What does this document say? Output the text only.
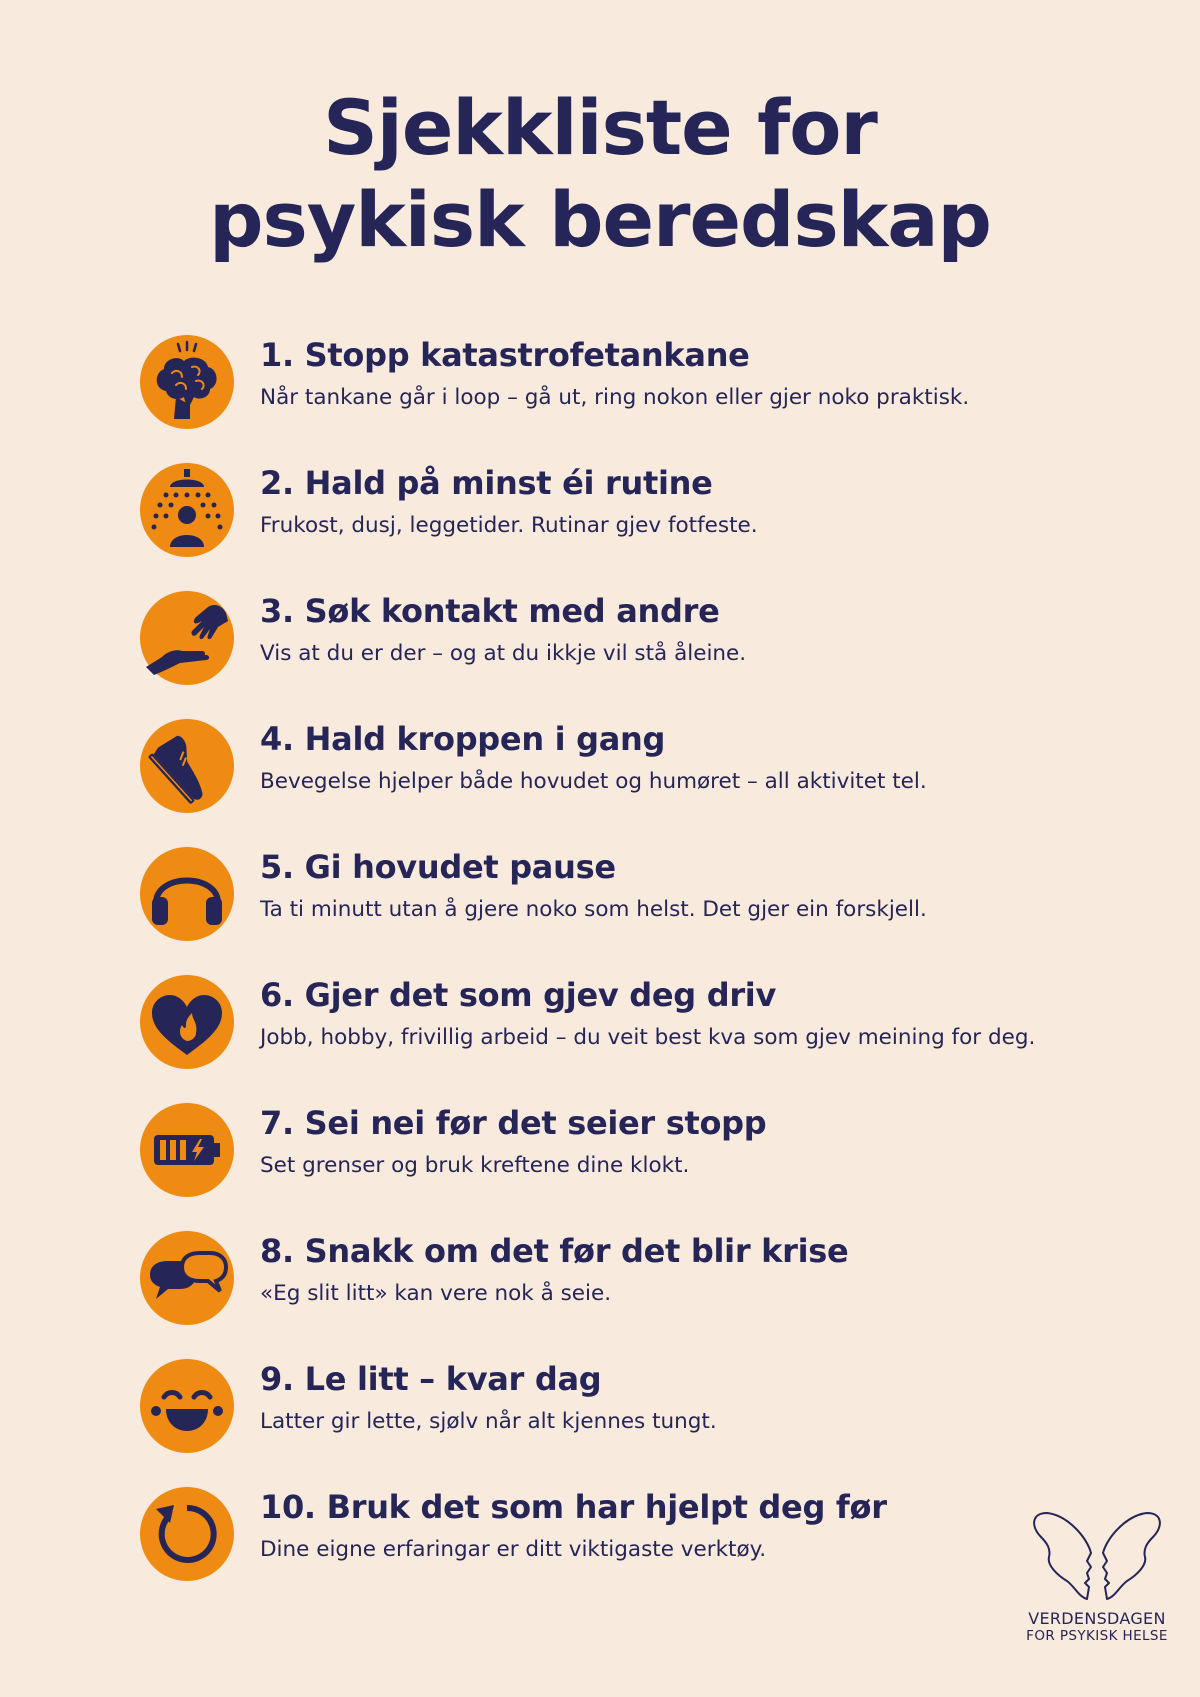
Sjekkliste for
psykisk beredskap
1. Stopp katastrofetankane
Når tankane går i loop – gå ut, ring nokon eller gjer noko praktisk.
2. Hald på minst éi rutine
Frukost, dusj, leggetider. Rutinar gjev fotfeste.
3. Søk kontakt med andre
Vis at du er der – og at du ikkje vil stå åleine.
4. Hald kroppen i gang
Bevegelse hjelper både hovudet og humøret – all aktivitet tel.
5. Gi hovudet pause
Ta ti minutt utan å gjere noko som helst. Det gjer ein forskjell.
6. Gjer det som gjev deg driv
Jobb, hobby, frivillig arbeid – du veit best kva som gjev meining for deg.
7. Sei nei før det seier stopp
Set grenser og bruk kreftene dine klokt.
8. Snakk om det før det blir krise
«Eg slit litt» kan vere nok å seie.
9. Le litt – kvar dag
Latter gir lette, sjølv når alt kjennes tungt.
10. Bruk det som har hjelpt deg før
Dine eigne erfaringar er ditt viktigaste verktøy.
VERDENSDAGEN
FOR PSYKISK HELSE
